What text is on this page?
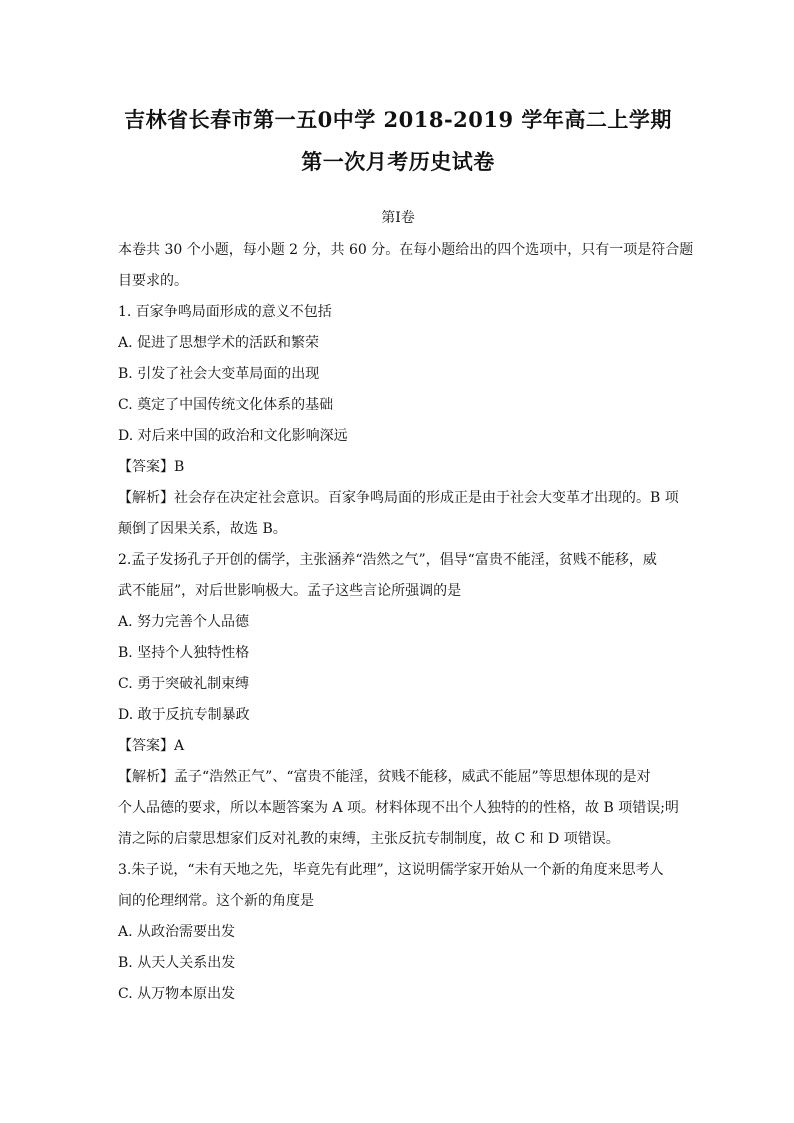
吉林省长春市第一五0中学 2018-2019 学年高二上学期
第一次月考历史试卷
第Ⅰ卷
本卷共 30 个小题，每小题 2 分，共 60 分。在每小题给出的四个选项中，只有一项是符合题
目要求的。
1. 百家争鸣局面形成的意义不包括
A. 促进了思想学术的活跃和繁荣
B. 引发了社会大变革局面的出现
C. 奠定了中国传统文化体系的基础
D. 对后来中国的政治和文化影响深远
【答案】B
【解析】社会存在决定社会意识。百家争鸣局面的形成正是由于社会大变革才出现的。B 项
颠倒了因果关系，故选 B。
2.孟子发扬孔子开创的儒学，主张涵养“浩然之气”，倡导“富贵不能淫，贫贱不能移，威
武不能屈”，对后世影响极大。孟子这些言论所强调的是
A. 努力完善个人品德
B. 坚持个人独特性格
C. 勇于突破礼制束缚
D. 敢于反抗专制暴政
【答案】A
【解析】孟子“浩然正气”、“富贵不能淫，贫贱不能移，威武不能屈”等思想体现的是对
个人品德的要求，所以本题答案为 A 项。材料体现不出个人独特的的性格，故 B 项错误;明
清之际的启蒙思想家们反对礼教的束缚，主张反抗专制制度，故 C 和 D 项错误。
3.朱子说，“未有天地之先，毕竟先有此理”，这说明儒学家开始从一个新的角度来思考人
间的伦理纲常。这个新的角度是
A. 从政治需要出发
B. 从天人关系出发
C. 从万物本原出发
